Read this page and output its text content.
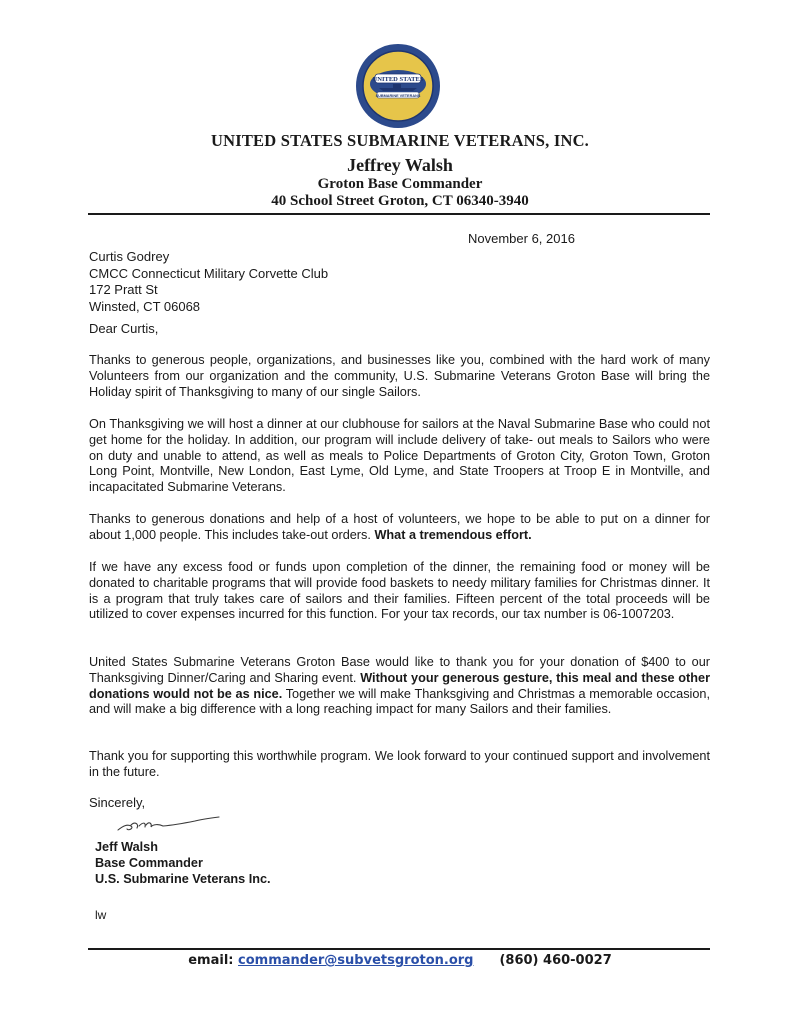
UNITED STATES
SUBMARINE VETERANS
UNITED STATES SUBMARINE VETERANS, INC.
Jeffrey Walsh
Groton Base Commander
40 School Street Groton, CT 06340-3940
November 6, 2016
Curtis Godrey
CMCC Connecticut Military Corvette Club
172 Pratt St
Winsted, CT 06068
Dear Curtis,

Thanks to generous people, organizations, and businesses like you, combined with the hard work of many Volunteers from our organization and the community, U.S. Submarine Veterans Groton Base will bring the Holiday spirit of Thanksgiving to many of our single Sailors.

On Thanksgiving we will host a dinner at our clubhouse for sailors at the Naval Submarine Base who could not get home for the holiday. In addition, our program will include delivery of take- out meals to Sailors who were on duty and unable to attend, as well as meals to Police Departments of Groton City, Groton Town, Groton Long Point, Montville, New London, East Lyme, Old Lyme, and State Troopers at Troop E in Montville, and incapacitated Submarine Veterans.

Thanks to generous donations and help of a host of volunteers, we hope to be able to put on a dinner for about 1,000 people. This includes take-out orders. What a tremendous effort.

If we have any excess food or funds upon completion of the dinner, the remaining food or money will be donated to charitable programs that will provide food baskets to needy military families for Christmas dinner. It is a program that truly takes care of sailors and their families. Fifteen percent of the total proceeds will be utilized to cover expenses incurred for this function. For your tax records, our tax number is 06-1007203.

United States Submarine Veterans Groton Base would like to thank you for your donation of $400 to our Thanksgiving Dinner/Caring and Sharing event. Without your generous gesture, this meal and these other donations would not be as nice. Together we will make Thanksgiving and Christmas a memorable occasion, and will make a big difference with a long reaching impact for many Sailors and their families.

Thank you for supporting this worthwhile program. We look forward to your continued support and involvement in the future.

Sincerely,
Jeff Walsh
Base Commander
U.S. Submarine Veterans Inc.
lw
email: commander@subvetsgroton.org (860) 460-0027
